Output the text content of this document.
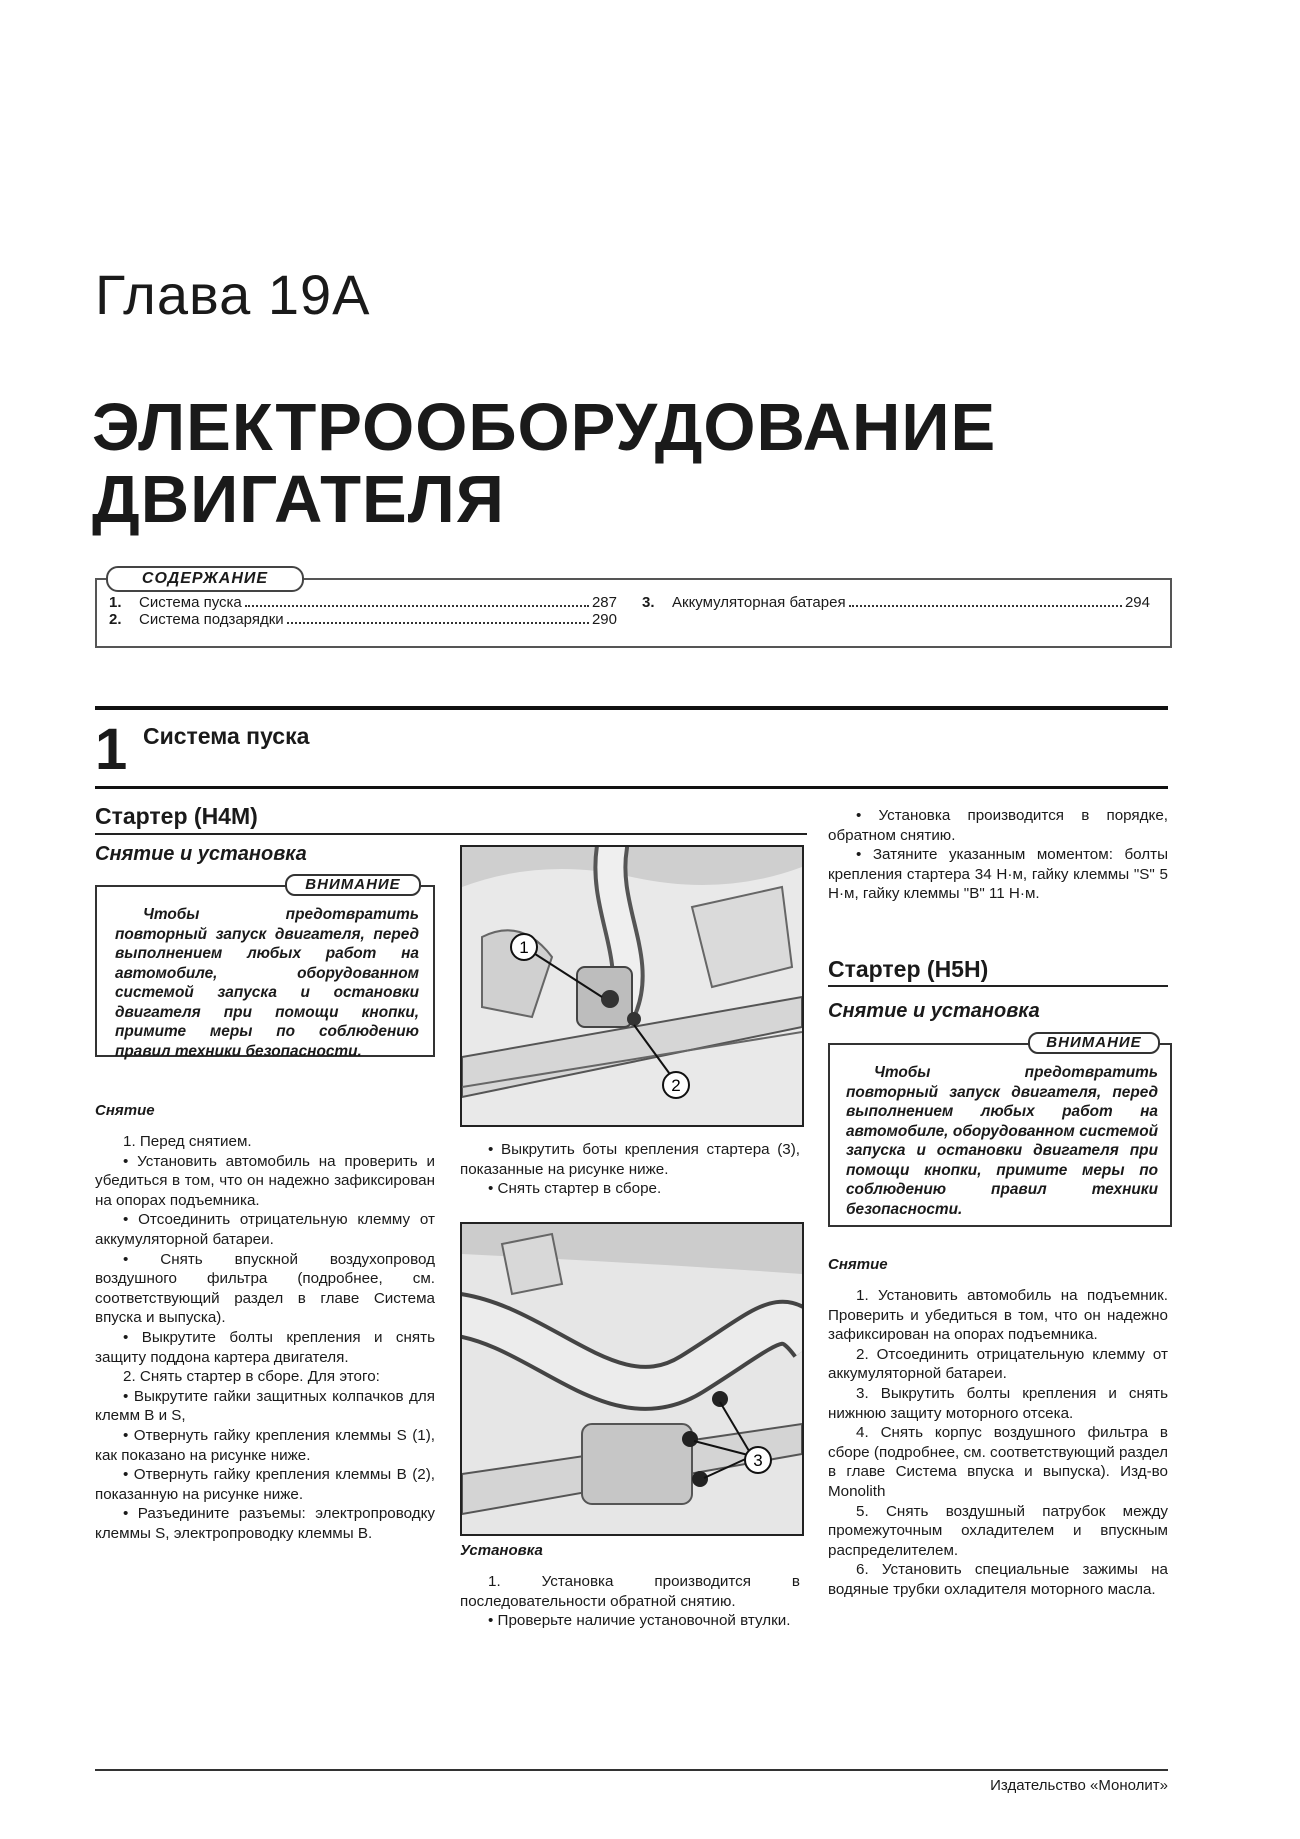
Глава 19А
ЭЛЕКТРООБОРУДОВАНИЕ
ДВИГАТЕЛЯ
1.	Система пуска	287
2.	Система подзарядки	290
3.	Аккумуляторная батарея	294
СОДЕРЖАНИЕ
1 Система пуска
Стартер (H4M)
Снятие и установка
Чтобы предотвратить повторный запуск двигателя, перед выполнением любых работ на автомобиле, оборудованном системой запуска и остановки двигателя при помощи кнопки, примите меры по соблюдению правил техники безопасности.
ВНИМАНИЕ
Снятие

1. Перед снятием.

• Установить автомобиль на проверить и убедиться в том, что он надежно зафиксирован на опорах подъемника.

• Отсоединить отрицательную клемму от аккумуляторной батареи.

• Снять впускной воздухопровод воздушного фильтра (подробнее, см. соответствующий раздел в главе Система впуска и выпуска).

• Выкрутите болты крепления и снять защиту поддона картера двигателя.

2. Снять стартер в сборе. Для этого:

• Выкрутите гайки защитных колпачков для клемм B и S,

• Отвернуть гайку крепления клеммы S (1), как показано на рисунке ниже.

• Отвернуть гайку крепления клеммы B (2), показанную на рисунке ниже.

• Разъедините разъемы: электропроводку клеммы S, электропроводку клеммы B.

1
2

• Выкрутить боты крепления стартера (3), показанные на рисунке ниже.

• Снять стартер в сборе.

3
Установка

1. Установка производится в последовательности обратной снятию.

• Проверьте наличие установочной втулки.

• Установка производится в порядке, обратном снятию.

• Затяните указанным моментом: болты крепления стартера 34 Н·м, гайку клеммы "S" 5 Н·м, гайку клеммы "B" 11 Н·м.

Стартер (H5H)
Снятие и установка
Чтобы предотвратить повторный запуск двигателя, перед выполнением любых работ на автомобиле, оборудованном системой запуска и остановки двигателя при помощи кнопки, примите меры по соблюдению правил техники безопасности.
ВНИМАНИЕ
Снятие

1. Установить автомобиль на подъемник. Проверить и убедиться в том, что он надежно зафиксирован на опорах подъемника.

2. Отсоединить отрицательную клемму от аккумуляторной батареи.

3. Выкрутить болты крепления и снять нижнюю защиту моторного отсека.

4. Снять корпус воздушного фильтра в сборе (подробнее, см. соответствующий раздел в главе Система впуска и выпуска). Изд-во Monolith

5. Снять воздушный патрубок между промежуточным охладителем и впускным распределителем.

6. Установить специальные зажимы на водяные трубки охладителя моторного масла.

Издательство «Монолит»
